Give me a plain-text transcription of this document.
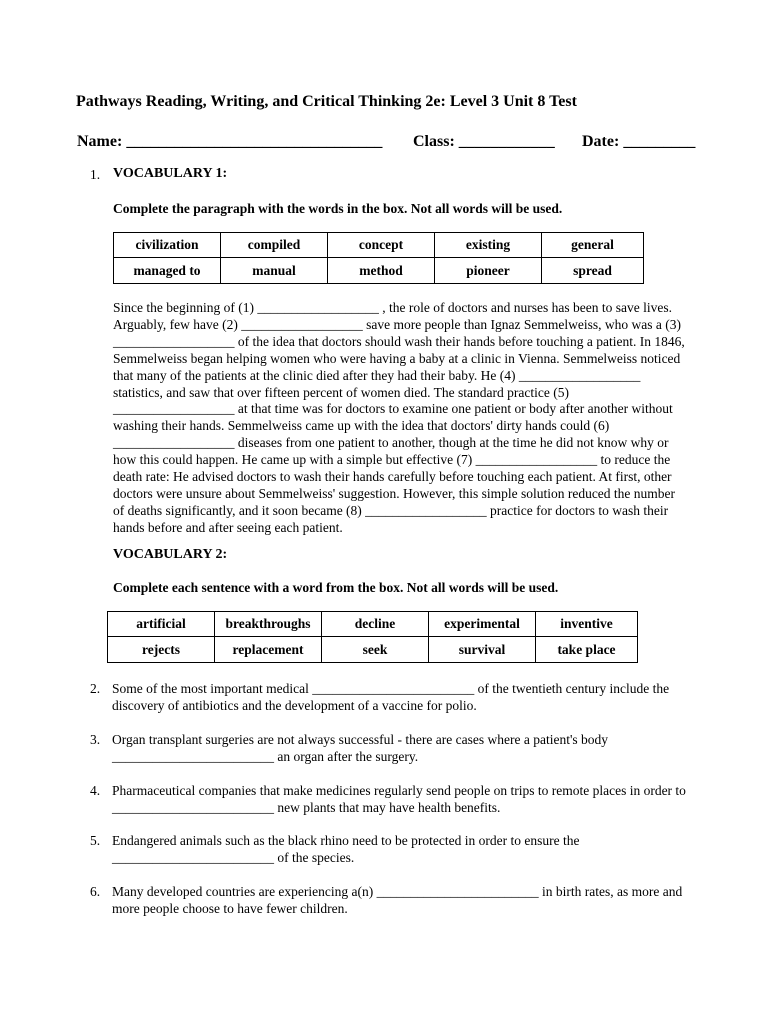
Pathways Reading, Writing, and Critical Thinking 2e: Level 3 Unit 8 Test
Name: ________________________________ Class: ____________ Date: _________
1. VOCABULARY 1:
Complete the paragraph with the words in the box. Not all words will be used.
civilization	compiled	concept	existing	general
managed to	manual	method	pioneer	spread
Since the beginning of (1) __________________ , the role of doctors and nurses has been to save lives.
Arguably, few have (2) __________________ save more people than Ignaz Semmelweiss, who was a (3)
__________________ of the idea that doctors should wash their hands before touching a patient. In 1846,
Semmelweiss began helping women who were having a baby at a clinic in Vienna. Semmelweiss noticed
that many of the patients at the clinic died after they had their baby. He (4) __________________
statistics, and saw that over fifteen percent of women died. The standard practice (5)
__________________ at that time was for doctors to examine one patient or body after another without
washing their hands. Semmelweiss came up with the idea that doctors' dirty hands could (6)
__________________ diseases from one patient to another, though at the time he did not know why or
how this could happen. He came up with a simple but effective (7) __________________ to reduce the
death rate: He advised doctors to wash their hands carefully before touching each patient. At first, other
doctors were unsure about Semmelweiss' suggestion. However, this simple solution reduced the number
of deaths significantly, and it soon became (8) __________________ practice for doctors to wash their
hands before and after seeing each patient.
VOCABULARY 2:
Complete each sentence with a word from the box. Not all words will be used.
artificial	breakthroughs	decline	experimental	inventive
rejects	replacement	seek	survival	take place
2. Some of the most important medical ________________________ of the twentieth century include the
discovery of antibiotics and the development of a vaccine for polio.
3. Organ transplant surgeries are not always successful - there are cases where a patient's body
________________________ an organ after the surgery.
4. Pharmaceutical companies that make medicines regularly send people on trips to remote places in order to
________________________ new plants that may have health benefits.
5. Endangered animals such as the black rhino need to be protected in order to ensure the
________________________ of the species.
6. Many developed countries are experiencing a(n) ________________________ in birth rates, as more and
more people choose to have fewer children.
